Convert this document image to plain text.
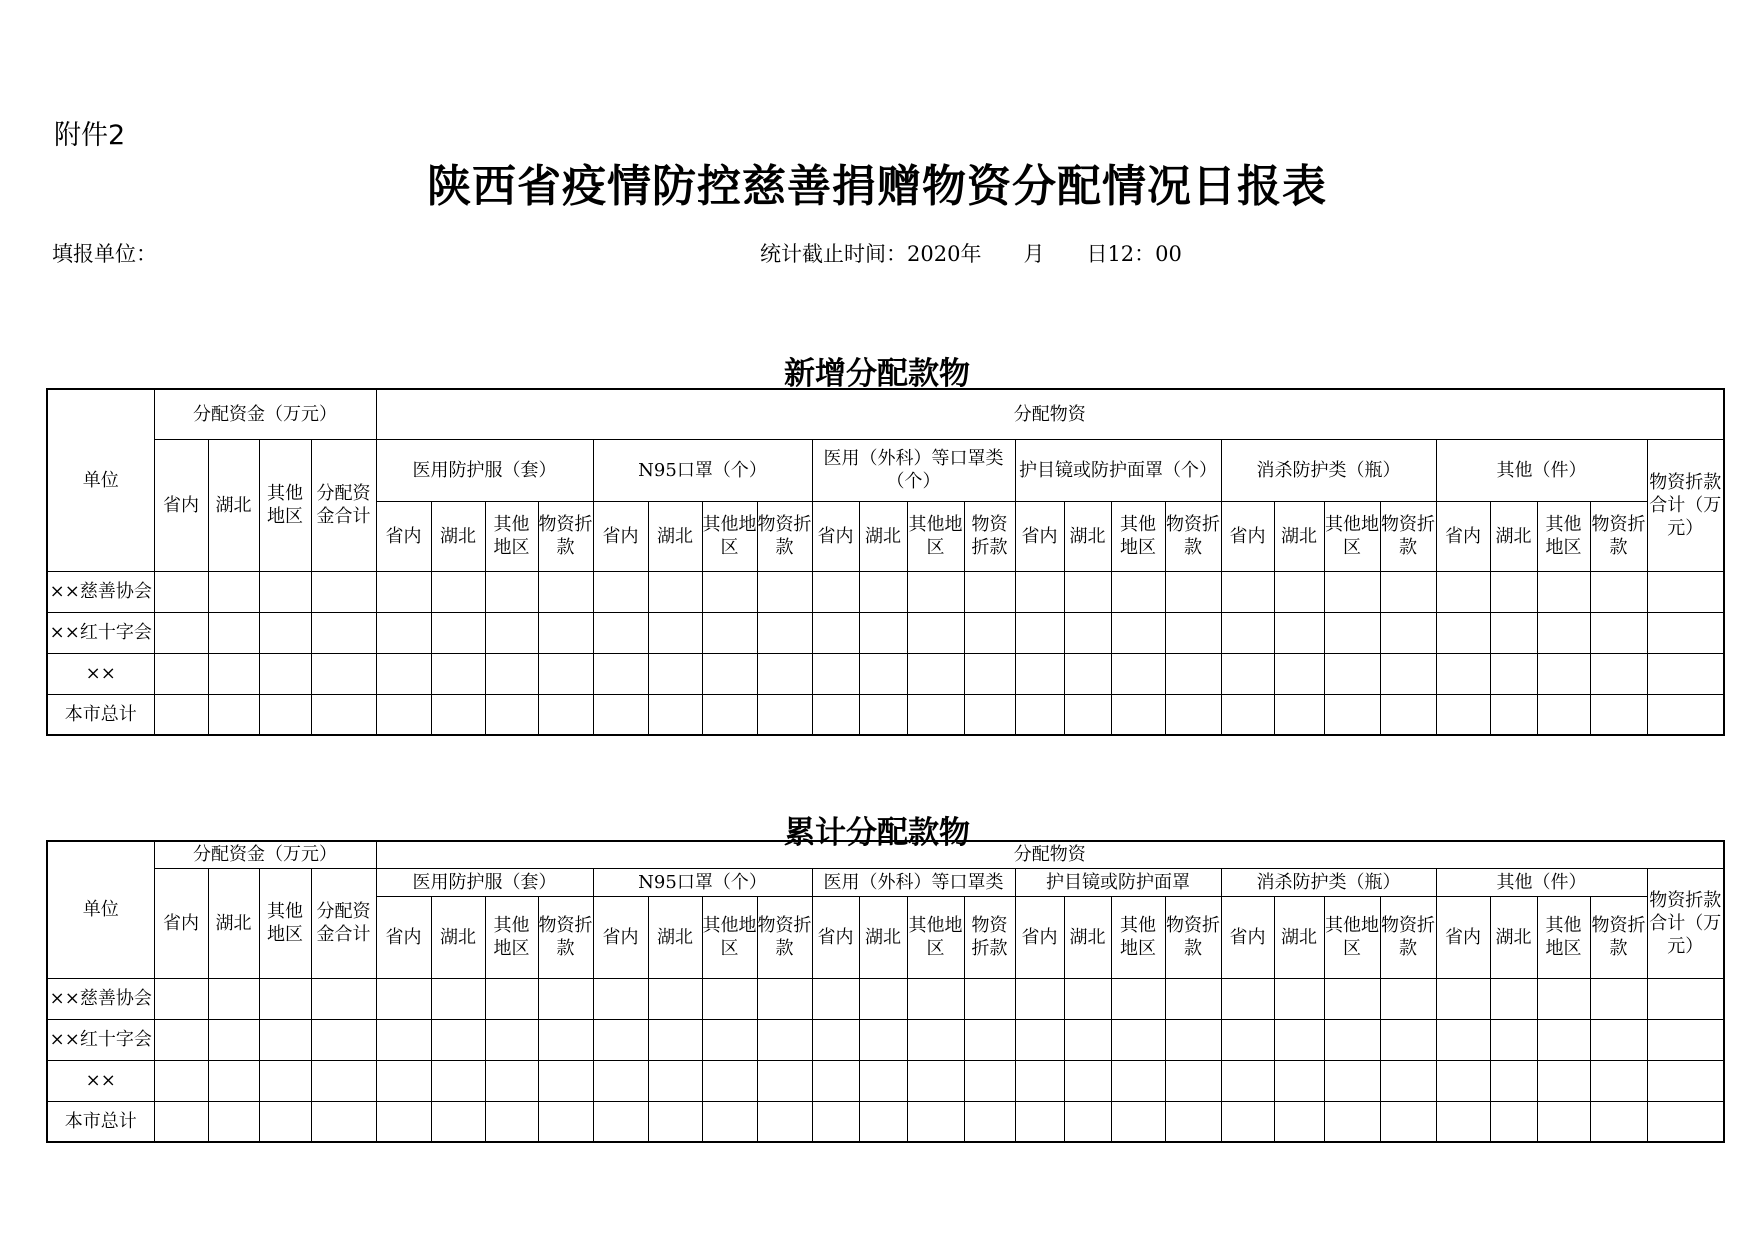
附件2
陕西省疫情防控慈善捐赠物资分配情况日报表
填报单位：	统计截止时间：2020年　　月　　日12：00
新增分配款物
单位	分配资金（万元）				分配物资																								
	省内	湖北	其他地区	分配资金合计	医用防护服（套）				N95口罩（个）				医用（外科）等口罩类（个）				护目镜或防护面罩（个）				消杀防护类（瓶）				其他（件）				物资折款合计（万元）
					省内	湖北	其他地区	物资折款	省内	湖北	其他地区	物资折款	省内	湖北	其他地区	物资折款	省内	湖北	其他地区	物资折款	省内	湖北	其他地区	物资折款	省内	湖北	其他地区	物资折款	
××慈善协会																													
××红十字会																													
××																													
本市总计																													
累计分配款物
单位	分配资金（万元）				分配物资																								
	省内	湖北	其他地区	分配资金合计	医用防护服（套）				N95口罩（个）				医用（外科）等口罩类				护目镜或防护面罩				消杀防护类（瓶）				其他（件）				物资折款合计（万元）
					省内	湖北	其他地区	物资折款	省内	湖北	其他地区	物资折款	省内	湖北	其他地区	物资折款	省内	湖北	其他地区	物资折款	省内	湖北	其他地区	物资折款	省内	湖北	其他地区	物资折款	
××慈善协会																													
××红十字会																													
××																													
本市总计																													
